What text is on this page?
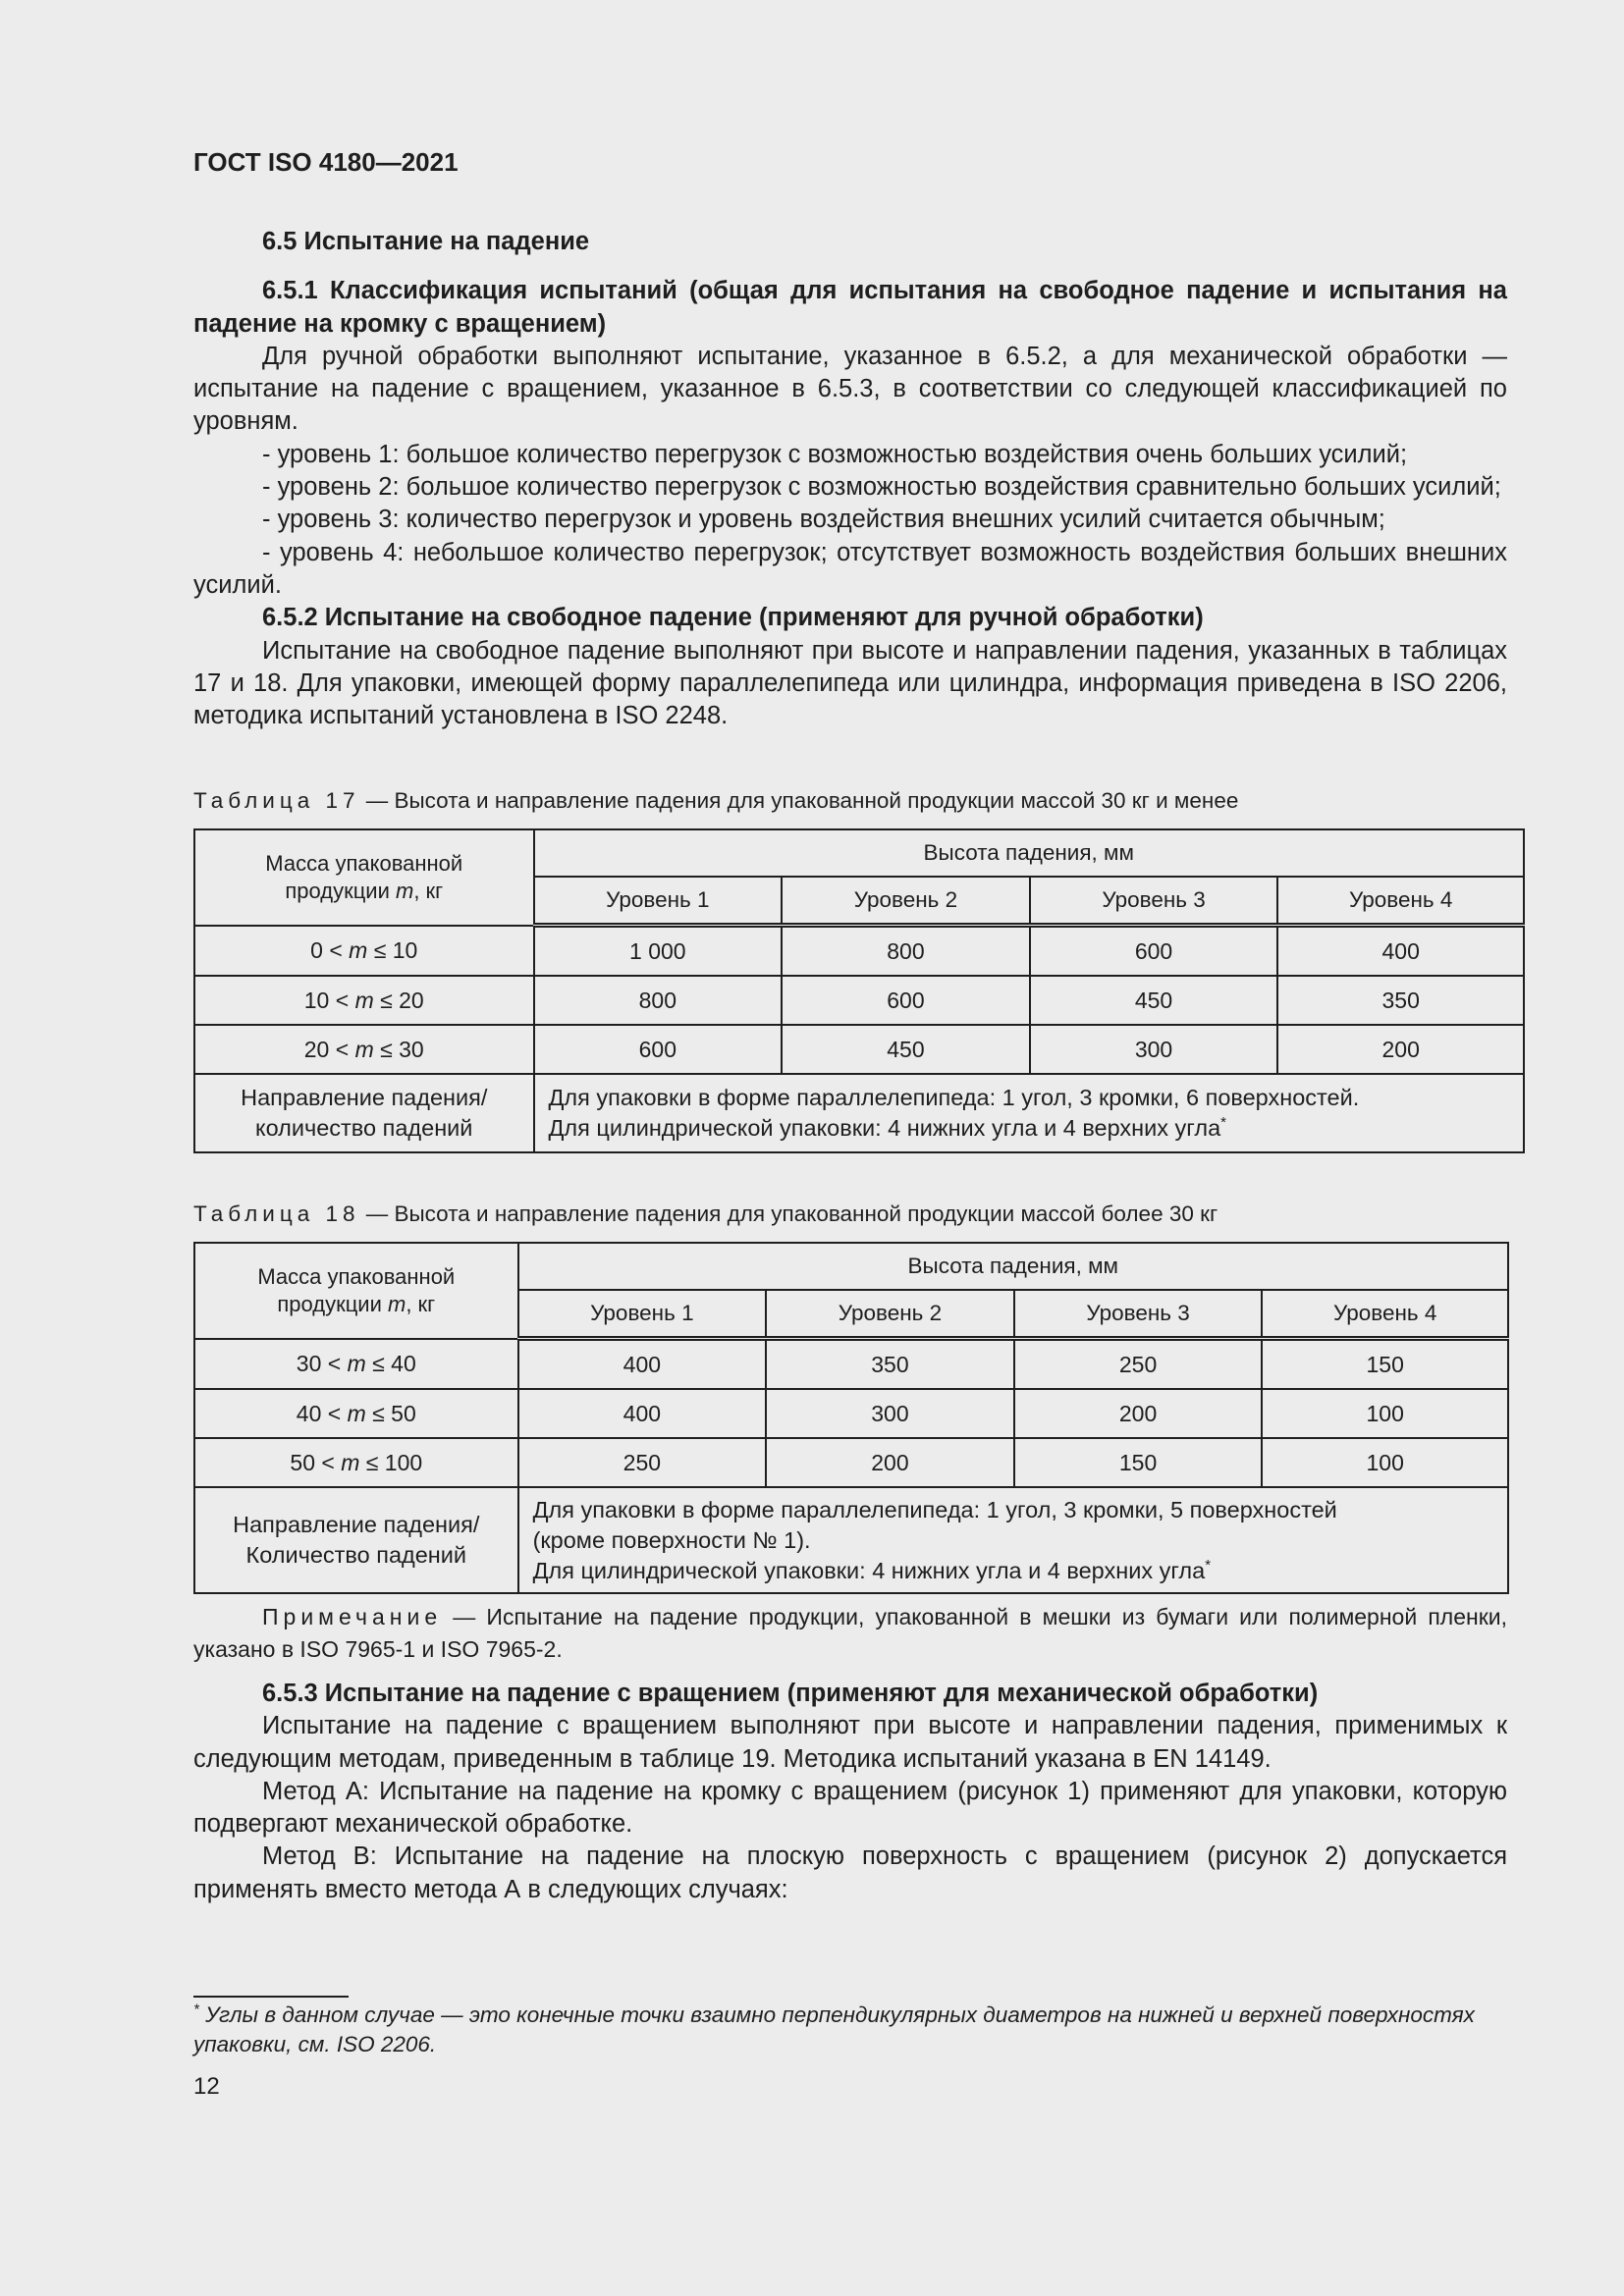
ГОСТ ISO 4180—2021

6.5 Испытание на падение

6.5.1 Классификация испытаний (общая для испытания на свободное падение и испытания на падение на кромку с вращением)

Для ручной обработки выполняют испытание, указанное в 6.5.2, а для механической обработки — испытание на падение с вращением, указанное в 6.5.3, в соответствии со следующей классификацией по уровням.

- уровень 1: большое количество перегрузок с возможностью воздействия очень больших усилий;

- уровень 2: большое количество перегрузок с возможностью воздействия сравнительно больших усилий;

- уровень 3: количество перегрузок и уровень воздействия внешних усилий считается обычным;

- уровень 4: небольшое количество перегрузок; отсутствует возможность воздействия больших внешних усилий.

6.5.2 Испытание на свободное падение (применяют для ручной обработки)

Испытание на свободное падение выполняют при высоте и направлении падения, указанных в таблицах 17 и 18. Для упаковки, имеющей форму параллелепипеда или цилиндра, информация приведена в ISO 2206, методика испытаний установлена в ISO 2248.

Таблица 17 — Высота и направление падения для упакованной продукции массой 30 кг и менее
Масса упакованной
продукции m, кг	Высота падения, мм			
	Уровень 1	Уровень 2	Уровень 3	Уровень 4
0 < m ≤ 10	1 000	800	600	400
10 < m ≤ 20	800	600	450	350
20 < m ≤ 30	600	450	300	200
Направление падения/
количество падений	Для упаковки в форме параллелепипеда: 1 угол, 3 кромки, 6 поверхностей.
Для цилиндрической упаковки: 4 нижних угла и 4 верхних угла*
Таблица 18 — Высота и направление падения для упакованной продукции массой более 30 кг
Масса упакованной
продукции m, кг	Высота падения, мм			
	Уровень 1	Уровень 2	Уровень 3	Уровень 4
30 < m ≤ 40	400	350	250	150
40 < m ≤ 50	400	300	200	100
50 < m ≤ 100	250	200	150	100
Направление падения/
Количество падений	Для упаковки в форме параллелепипеда: 1 угол, 3 кромки, 5 поверхностей
(кроме поверхности № 1).
Для цилиндрической упаковки: 4 нижних угла и 4 верхних угла*

Примечание — Испытание на падение продукции, упакованной в мешки из бумаги или полимерной пленки, указано в ISO 7965-1 и ISO 7965-2.

6.5.3 Испытание на падение с вращением (применяют для механической обработки)

Испытание на падение с вращением выполняют при высоте и направлении падения, применимых к следующим методам, приведенным в таблице 19. Методика испытаний указана в EN 14149.

Метод А: Испытание на падение на кромку с вращением (рисунок 1) применяют для упаковки, которую подвергают механической обработке.

Метод В: Испытание на падение на плоскую поверхность с вращением (рисунок 2) допускается применять вместо метода А в следующих случаях:

* Углы в данном случае — это конечные точки взаимно перпендикулярных диаметров на нижней и верхней поверхностях упаковки, см. ISO 2206.
12
